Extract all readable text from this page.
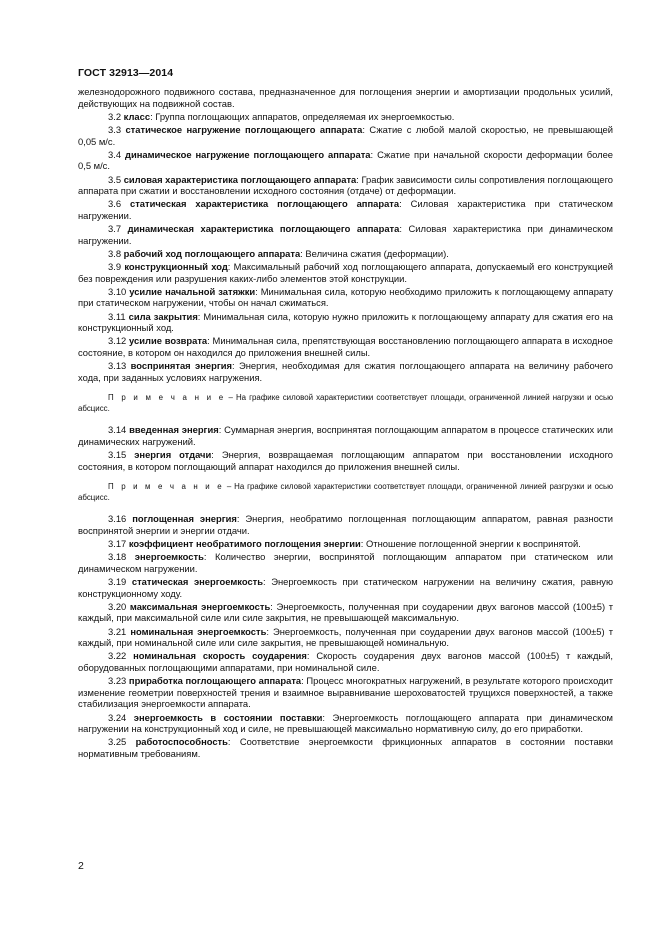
ГОСТ 32913—2014

железнодорожного подвижного состава, предназначенное для поглощения энергии и амортизации продольных усилий, действующих на подвижной состав.

3.2 класс: Группа поглощающих аппаратов, определяемая их энергоемкостью.

3.3 статическое нагружение поглощающего аппарата: Сжатие с любой малой скоростью, не превышающей 0,05 м/с.

3.4 динамическое нагружение поглощающего аппарата: Сжатие при начальной скорости деформации более 0,5 м/с.

3.5 силовая характеристика поглощающего аппарата: График зависимости силы сопротивления поглощающего аппарата при сжатии и восстановлении исходного состояния (отдаче) от деформации.

3.6 статическая характеристика поглощающего аппарата: Силовая характеристика при статическом нагружении.

3.7 динамическая характеристика поглощающего аппарата: Силовая характеристика при динамическом нагружении.

3.8 рабочий ход поглощающего аппарата: Величина сжатия (деформации).

3.9 конструкционный ход: Максимальный рабочий ход поглощающего аппарата, допускаемый его конструкцией без повреждения или разрушения каких-либо элементов этой конструкции.

3.10 усилие начальной затяжки: Минимальная сила, которую необходимо приложить к поглощающему аппарату при статическом нагружении, чтобы он начал сжиматься.

3.11 сила закрытия: Минимальная сила, которую нужно приложить к поглощающему аппарату для сжатия его на конструкционный ход.

3.12 усилие возврата: Минимальная сила, препятствующая восстановлению поглощающего аппарата в исходное состояние, в котором он находился до приложения внешней силы.

3.13 воспринятая энергия: Энергия, необходимая для сжатия поглощающего аппарата на величину рабочего хода, при заданных условиях нагружения.

П р и м е ч а н и е – На графике силовой характеристики соответствует площади, ограниченной линией нагрузки и осью абсцисс.

3.14 введенная энергия: Суммарная энергия, воспринятая поглощающим аппаратом в процессе статических или динамических нагружений.

3.15 энергия отдачи: Энергия, возвращаемая поглощающим аппаратом при восстановлении исходного состояния, в котором поглощающий аппарат находился до приложения внешней силы.

П р и м е ч а н и е – На графике силовой характеристики соответствует площади, ограниченной линией разгрузки и осью абсцисс.

3.16 поглощенная энергия: Энергия, необратимо поглощенная поглощающим аппаратом, равная разности воспринятой энергии и энергии отдачи.

3.17 коэффициент необратимого поглощения энергии: Отношение поглощенной энергии к воспринятой.

3.18 энергоемкость: Количество энергии, воспринятой поглощающим аппаратом при статическом или динамическом нагружении.

3.19 статическая энергоемкость: Энергоемкость при статическом нагружении на величину сжатия, равную конструкционному ходу.

3.20 максимальная энергоемкость: Энергоемкость, полученная при соударении двух вагонов массой (100±5) т каждый, при максимальной силе или силе закрытия, не превышающей максимальную.

3.21 номинальная энергоемкость: Энергоемкость, полученная при соударении двух вагонов массой (100±5) т каждый, при номинальной силе или силе закрытия, не превышающей номинальную.

3.22 номинальная скорость соударения: Скорость соударения двух вагонов массой (100±5) т каждый, оборудованных поглощающими аппаратами, при номинальной силе.

3.23 приработка поглощающего аппарата: Процесс многократных нагружений, в результате которого происходит изменение геометрии поверхностей трения и взаимное выравнивание шероховатостей трущихся поверхностей, а также стабилизация энергоемкости аппарата.

3.24 энергоемкость в состоянии поставки: Энергоемкость поглощающего аппарата при динамическом нагружении на конструкционный ход и силе, не превышающей максимально нормативную силу, до его приработки.

3.25 работоспособность: Соответствие энергоемкости фрикционных аппаратов в состоянии поставки нормативным требованиям.

2
